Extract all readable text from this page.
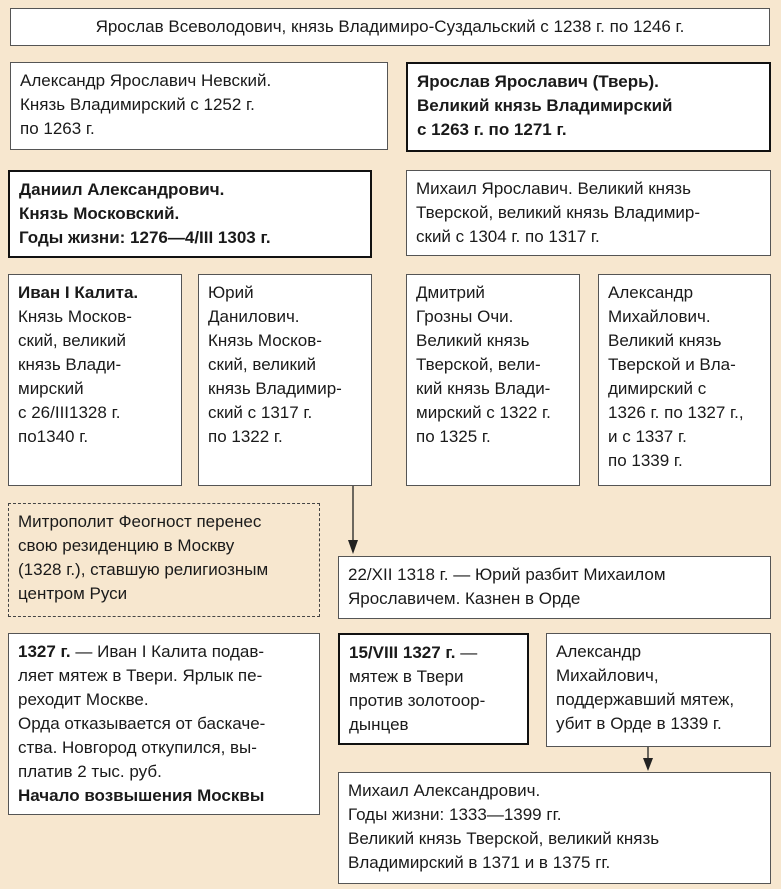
Ярослав Всеволодович, князь Владимиро-Суздальский с 1238 г. по 1246 г.
Александр Ярославич Невский.
Князь Владимирский с 1252 г.
по 1263 г.
Ярослав Ярославич (Тверь).
Великий князь Владимирский
с 1263 г. по 1271 г.
Даниил Александрович.
Князь Московский.
Годы жизни: 1276—4/III 1303 г.
Михаил Ярославич. Великий князь
Тверской, великий князь Владимир-
ский с 1304 г. по 1317 г.
Иван I Калита.
Князь Москов-
ский, великий
князь Влади-
мирский
с 26/III1328 г.
по1340 г.
Юрий
Данилович.
Князь Москов-
ский, великий
князь Владимир-
ский с 1317 г.
по 1322 г.
Дмитрий
Грозны Очи.
Великий князь
Тверской, вели-
кий князь Влади-
мирский с 1322 г.
по 1325 г.
Александр
Михайлович.
Великий князь
Тверской и Вла-
димирский с
1326 г. по 1327 г.,
и с 1337 г.
по 1339 г.
Митрополит Феогност перенес
свою резиденцию в Москву
(1328 г.), ставшую религиозным
центром Руси
22/XII 1318 г. — Юрий разбит Михаилом
Ярославичем. Казнен в Орде
1327 г. — Иван I Калита подав-
ляет мятеж в Твери. Ярлык пе-
реходит Москве.
Орда отказывается от баскаче-
ства. Новгород откупился, вы-
платив 2 тыс. руб.
Начало возвышения Москвы
15/VIII 1327 г. —
мятеж в Твери
против золотоор-
дынцев
Александр
Михайлович,
поддержавший мятеж,
убит в Орде в 1339 г.
Михаил Александрович.
Годы жизни: 1333—1399 гг.
Великий князь Тверской, великий князь
Владимирский в 1371 и в 1375 гг.
